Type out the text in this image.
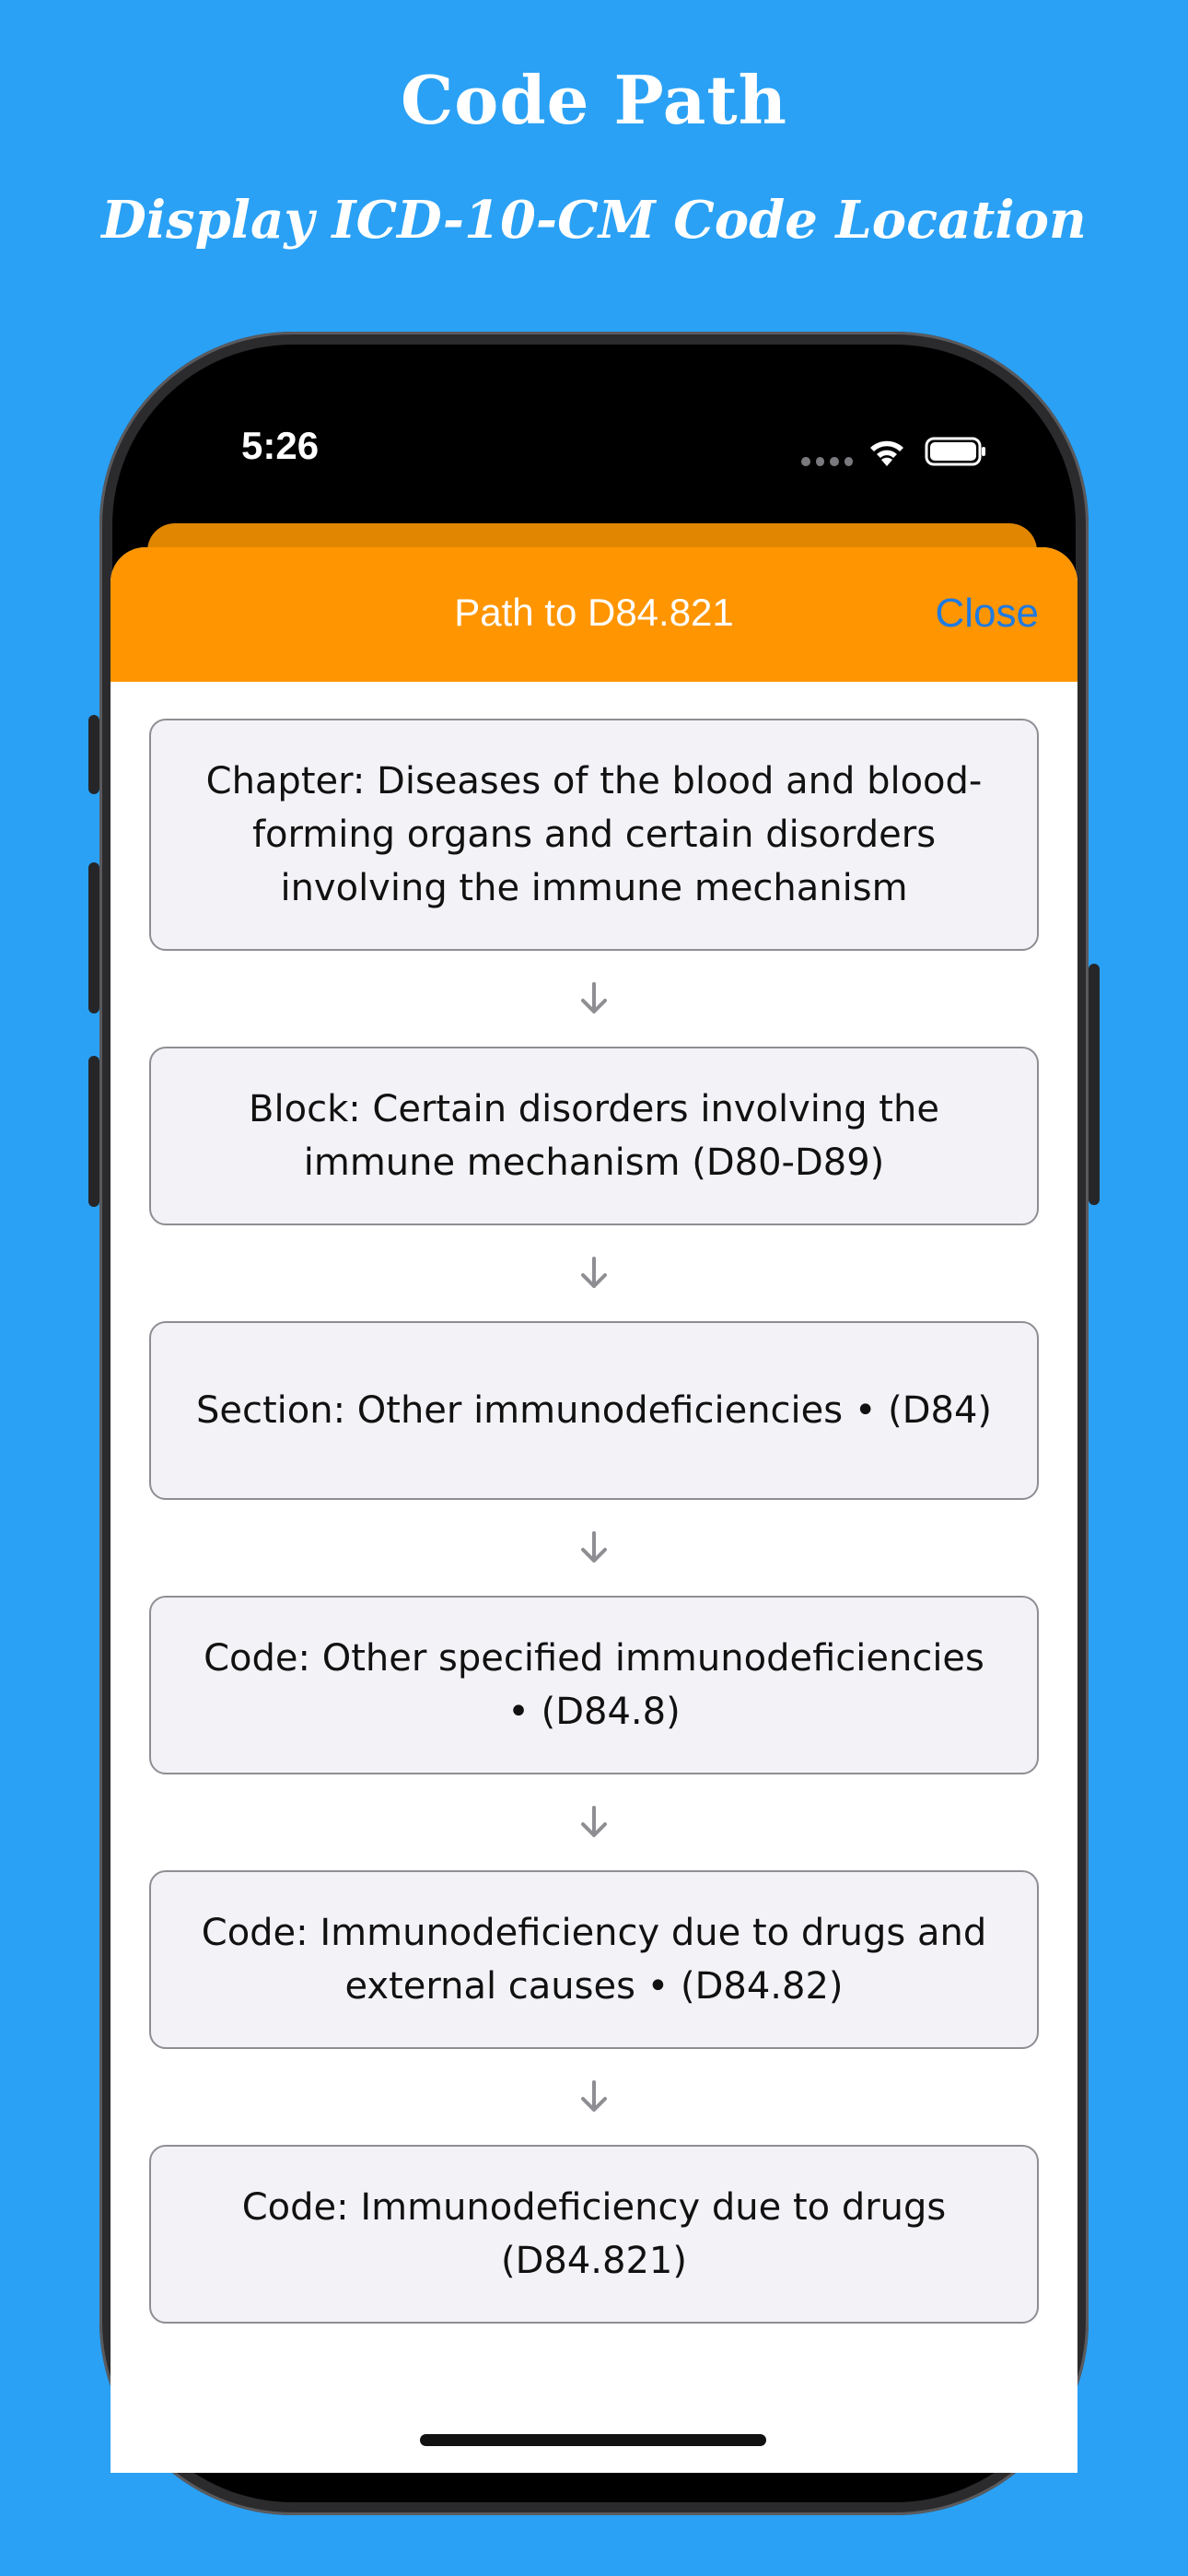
Code Path
Display ICD-10-CM Code Location
5:26
Path to D84.821	Close
Chapter: Diseases of the blood and blood-forming organs and certain disorders involving the immune mechanism
Block: Certain disorders involving the immune mechanism (D80-D89)
Section: Other immunodeficiencies • (D84)
Code: Other specified immunodeficiencies • (D84.8)
Code: Immunodeficiency due to drugs and external causes • (D84.82)
Code: Immunodeficiency due to drugs (D84.821)
